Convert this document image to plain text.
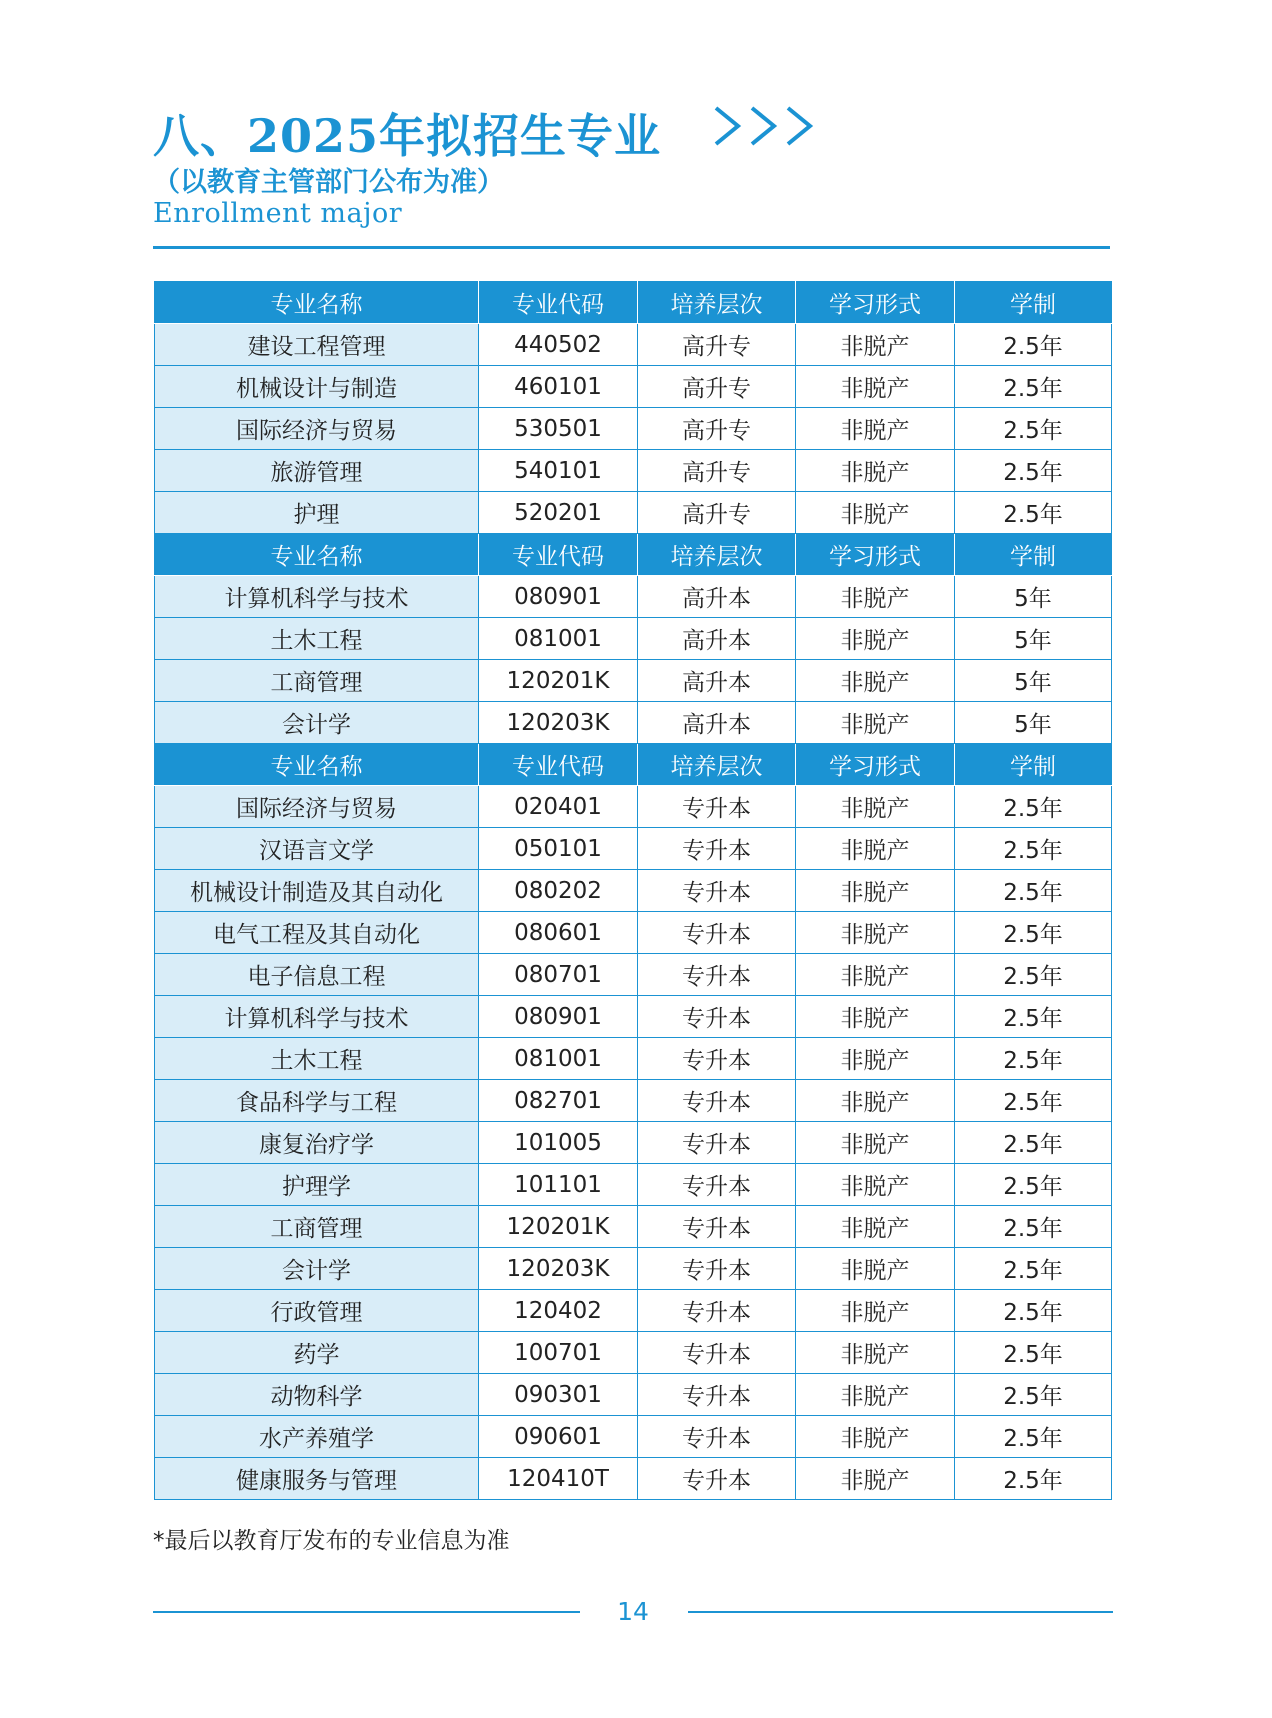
八、2025年拟招生专业
（以教育主管部门公布为准）
Enrollment major
专业名称	专业代码	培养层次	学习形式	学制
建设工程管理	440502	高升专	非脱产	2.5年
机械设计与制造	460101	高升专	非脱产	2.5年
国际经济与贸易	530501	高升专	非脱产	2.5年
旅游管理	540101	高升专	非脱产	2.5年
护理	520201	高升专	非脱产	2.5年
专业名称	专业代码	培养层次	学习形式	学制
计算机科学与技术	080901	高升本	非脱产	5年
土木工程	081001	高升本	非脱产	5年
工商管理	120201K	高升本	非脱产	5年
会计学	120203K	高升本	非脱产	5年
专业名称	专业代码	培养层次	学习形式	学制
国际经济与贸易	020401	专升本	非脱产	2.5年
汉语言文学	050101	专升本	非脱产	2.5年
机械设计制造及其自动化	080202	专升本	非脱产	2.5年
电气工程及其自动化	080601	专升本	非脱产	2.5年
电子信息工程	080701	专升本	非脱产	2.5年
计算机科学与技术	080901	专升本	非脱产	2.5年
土木工程	081001	专升本	非脱产	2.5年
食品科学与工程	082701	专升本	非脱产	2.5年
康复治疗学	101005	专升本	非脱产	2.5年
护理学	101101	专升本	非脱产	2.5年
工商管理	120201K	专升本	非脱产	2.5年
会计学	120203K	专升本	非脱产	2.5年
行政管理	120402	专升本	非脱产	2.5年
药学	100701	专升本	非脱产	2.5年
动物科学	090301	专升本	非脱产	2.5年
水产养殖学	090601	专升本	非脱产	2.5年
健康服务与管理	120410T	专升本	非脱产	2.5年
*最后以教育厅发布的专业信息为准
14
